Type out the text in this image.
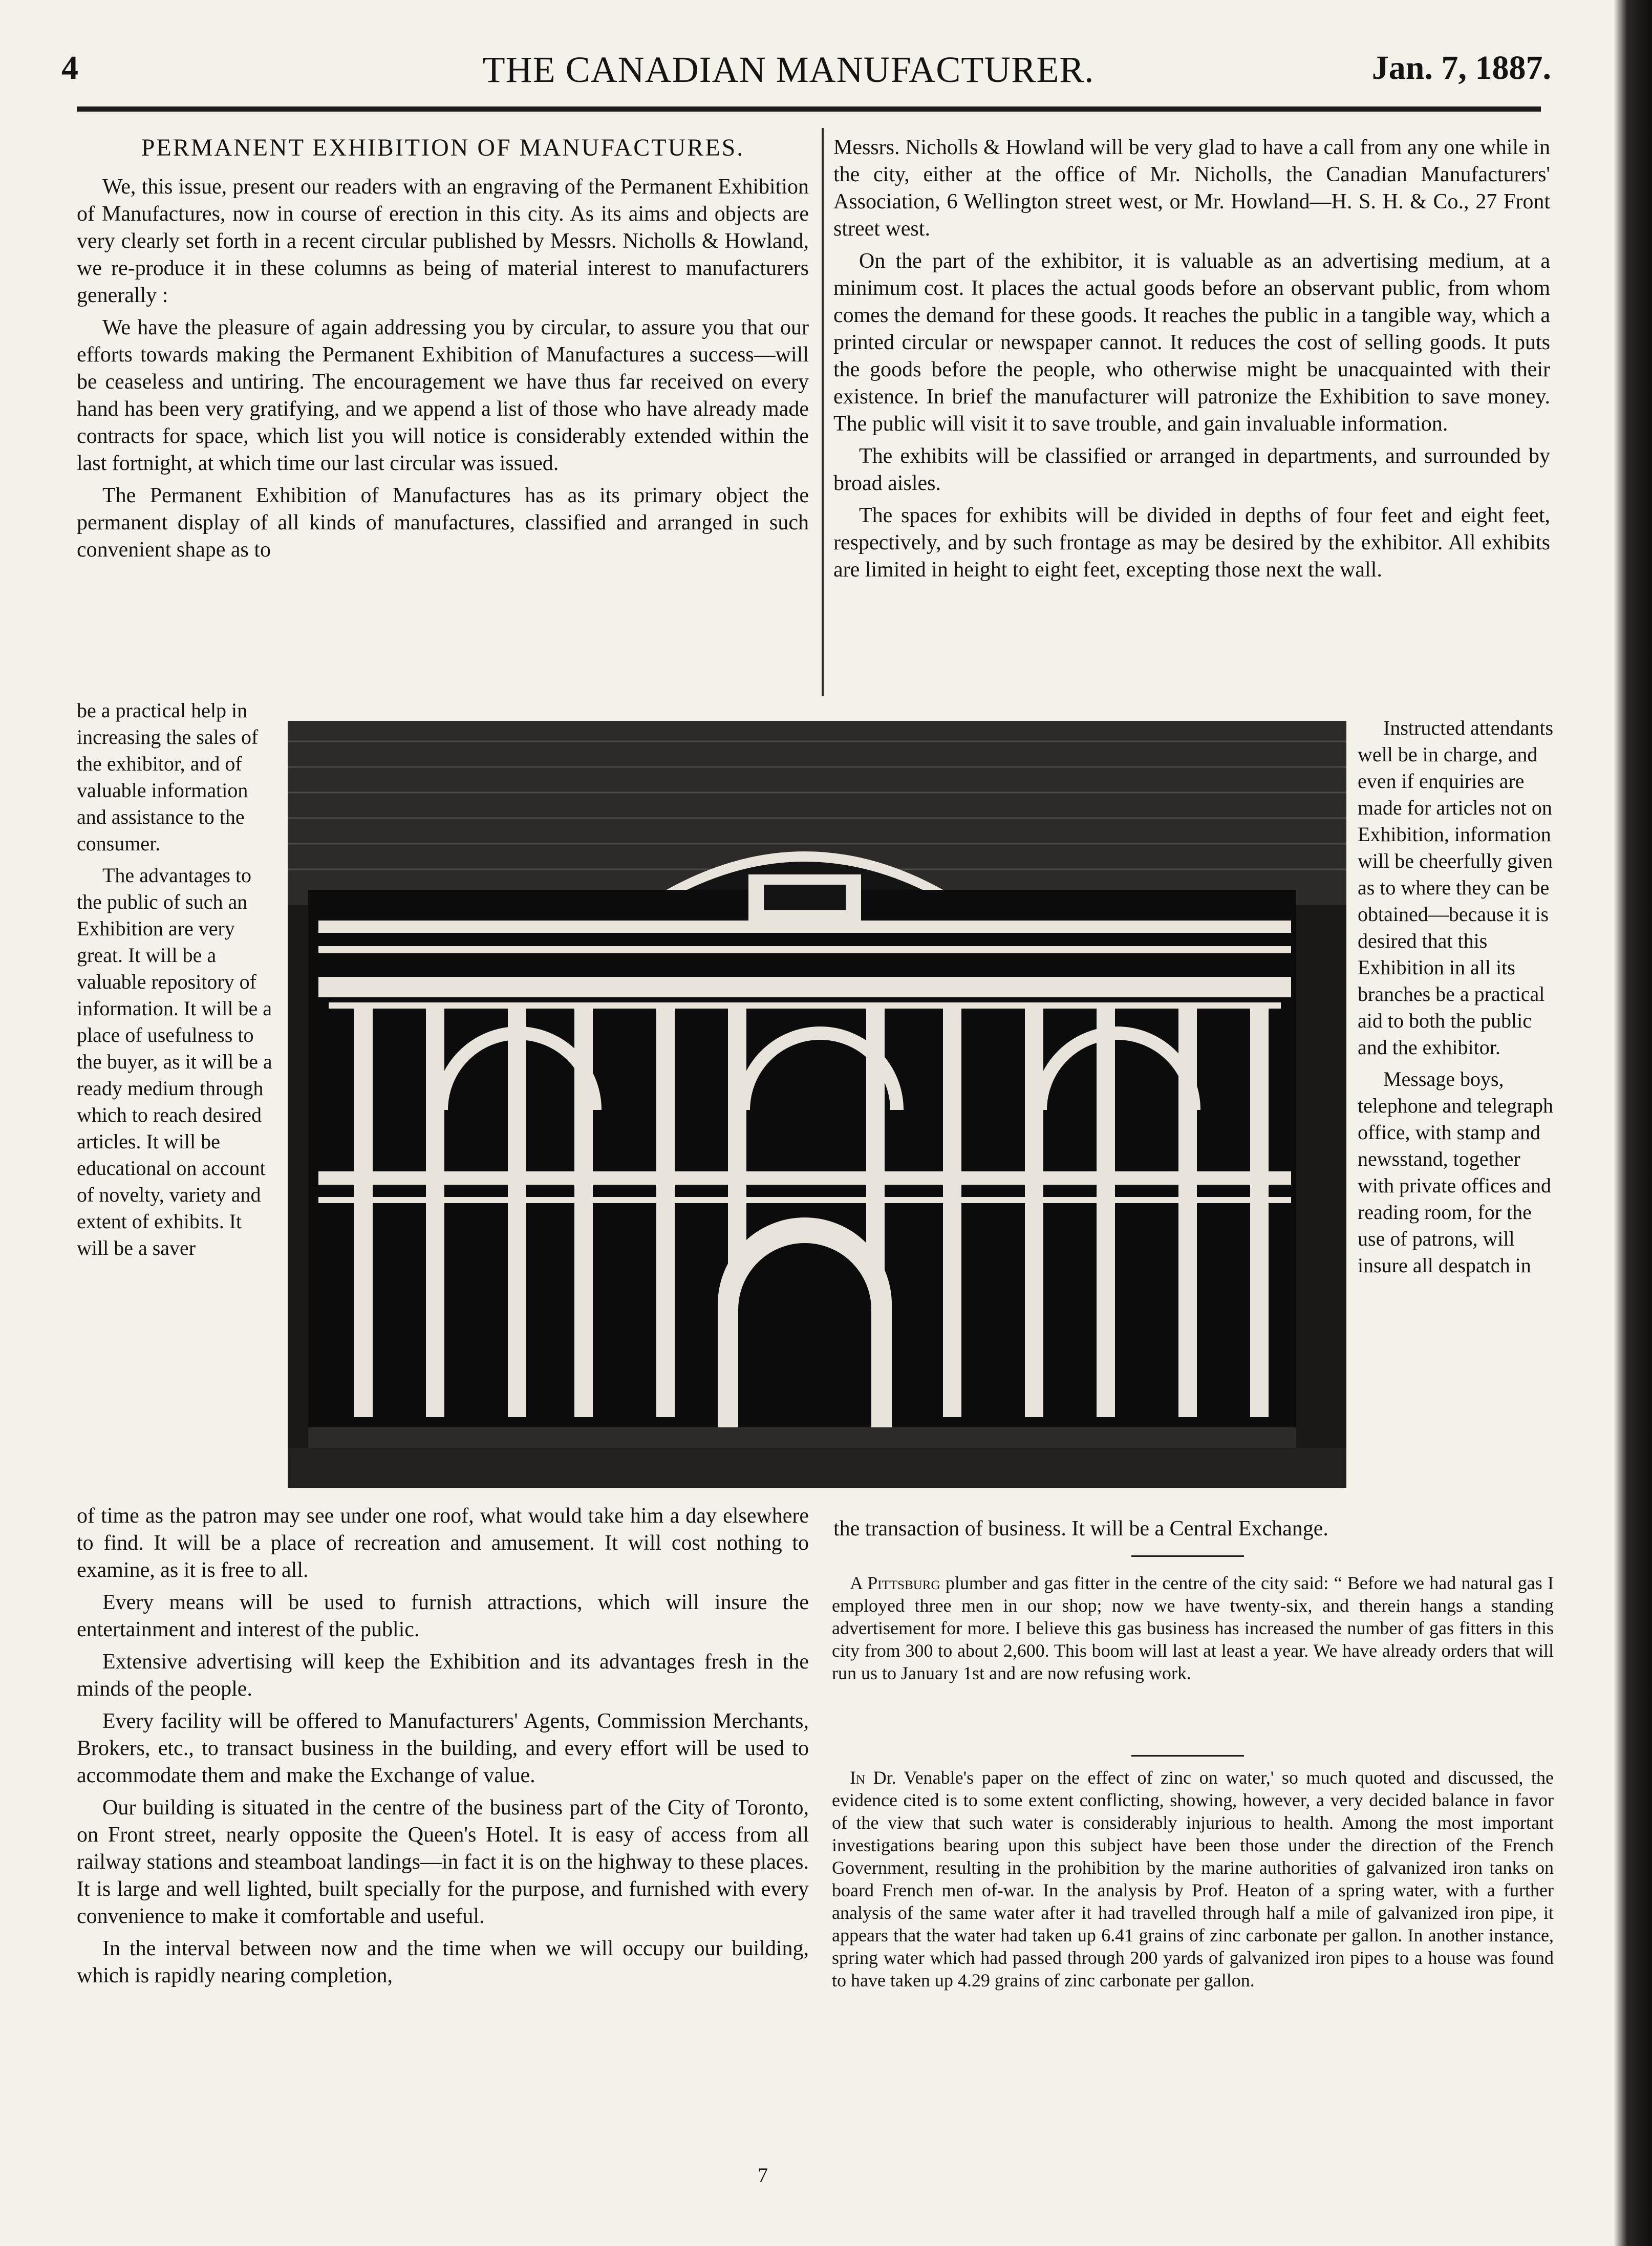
4	THE CANADIAN MANUFACTURER.	Jan. 7, 1887.

PERMANENT EXHIBITION OF MANUFACTURES.

We, this issue, present our readers with an engraving of the Permanent Exhibition of Manufactures, now in course of erection in this city. As its aims and objects are very clearly set forth in a recent circular published by Messrs. Nicholls & Howland, we re-produce it in these columns as being of material interest to manufacturers generally :

We have the pleasure of again addressing you by circular, to assure you that our efforts towards making the Permanent Exhibition of Manufactures a success—will be ceaseless and untiring. The encouragement we have thus far received on every hand has been very gratifying, and we append a list of those who have already made contracts for space, which list you will notice is considerably extended within the last fortnight, at which time our last circular was issued.

The Permanent Exhibition of Manufactures has as its primary object the permanent display of all kinds of manufactures, classified and arranged in such convenient shape as to

be a practical help in increasing the sales of the exhibitor, and of valuable information and assistance to the consumer.

The advantages to the public of such an Exhibition are very great. It will be a valuable repository of information. It will be a place of usefulness to the buyer, as it will be a ready medium through which to reach desired articles. It will be educational on account of novelty, variety and extent of exhibits. It will be a saver

of time as the patron may see under one roof, what would take him a day elsewhere to find. It will be a place of recreation and amusement. It will cost nothing to examine, as it is free to all.

Every means will be used to furnish attractions, which will insure the entertainment and interest of the public.

Extensive advertising will keep the Exhibition and its advantages fresh in the minds of the people.

Every facility will be offered to Manufacturers' Agents, Commission Merchants, Brokers, etc., to transact business in the building, and every effort will be used to accommodate them and make the Exchange of value.

Our building is situated in the centre of the business part of the City of Toronto, on Front street, nearly opposite the Queen's Hotel. It is easy of access from all railway stations and steamboat landings—in fact it is on the highway to these places. It is large and well lighted, built specially for the purpose, and furnished with every convenience to make it comfortable and useful.

In the interval between now and the time when we will occupy our building, which is rapidly nearing completion,

Messrs. Nicholls & Howland will be very glad to have a call from any one while in the city, either at the office of Mr. Nicholls, the Canadian Manufacturers' Association, 6 Wellington street west, or Mr. Howland—H. S. H. & Co., 27 Front street west.

On the part of the exhibitor, it is valuable as an advertising medium, at a minimum cost. It places the actual goods before an observant public, from whom comes the demand for these goods. It reaches the public in a tangible way, which a printed circular or newspaper cannot. It reduces the cost of selling goods. It puts the goods before the people, who otherwise might be unacquainted with their existence. In brief the manufacturer will patronize the Exhibition to save money. The public will visit it to save trouble, and gain invaluable information.

The exhibits will be classified or arranged in departments, and surrounded by broad aisles.

The spaces for exhibits will be divided in depths of four feet and eight feet, respectively, and by such frontage as may be desired by the exhibitor. All exhibits are limited in height to eight feet, excepting those next the wall.

Instructed attendants well be in charge, and even if enquiries are made for articles not on Exhibition, information will be cheerfully given as to where they can be obtained—because it is desired that this Exhibition in all its branches be a practical aid to both the public and the exhibitor.

Message boys, telephone and telegraph office, with stamp and newsstand, together with private offices and reading room, for the use of patrons, will insure all despatch in

the transaction of business. It will be a Central Exchange.

A Pittsburg plumber and gas fitter in the centre of the city said: “ Before we had natural gas I employed three men in our shop; now we have twenty-six, and therein hangs a standing advertisement for more. I believe this gas business has increased the number of gas fitters in this city from 300 to about 2,600. This boom will last at least a year. We have already orders that will run us to January 1st and are now refusing work.

In Dr. Venable's paper on the effect of zinc on water,' so much quoted and discussed, the evidence cited is to some extent conflicting, showing, however, a very decided balance in favor of the view that such water is considerably injurious to health. Among the most important investigations bearing upon this subject have been those under the direction of the French Government, resulting in the prohibition by the marine authorities of galvanized iron tanks on board French men of-war. In the analysis by Prof. Heaton of a spring water, with a further analysis of the same water after it had travelled through half a mile of galvanized iron pipe, it appears that the water had taken up 6.41 grains of zinc carbonate per gallon. In another instance, spring water which had passed through 200 yards of galvanized iron pipes to a house was found to have taken up 4.29 grains of zinc carbonate per gallon.

7
